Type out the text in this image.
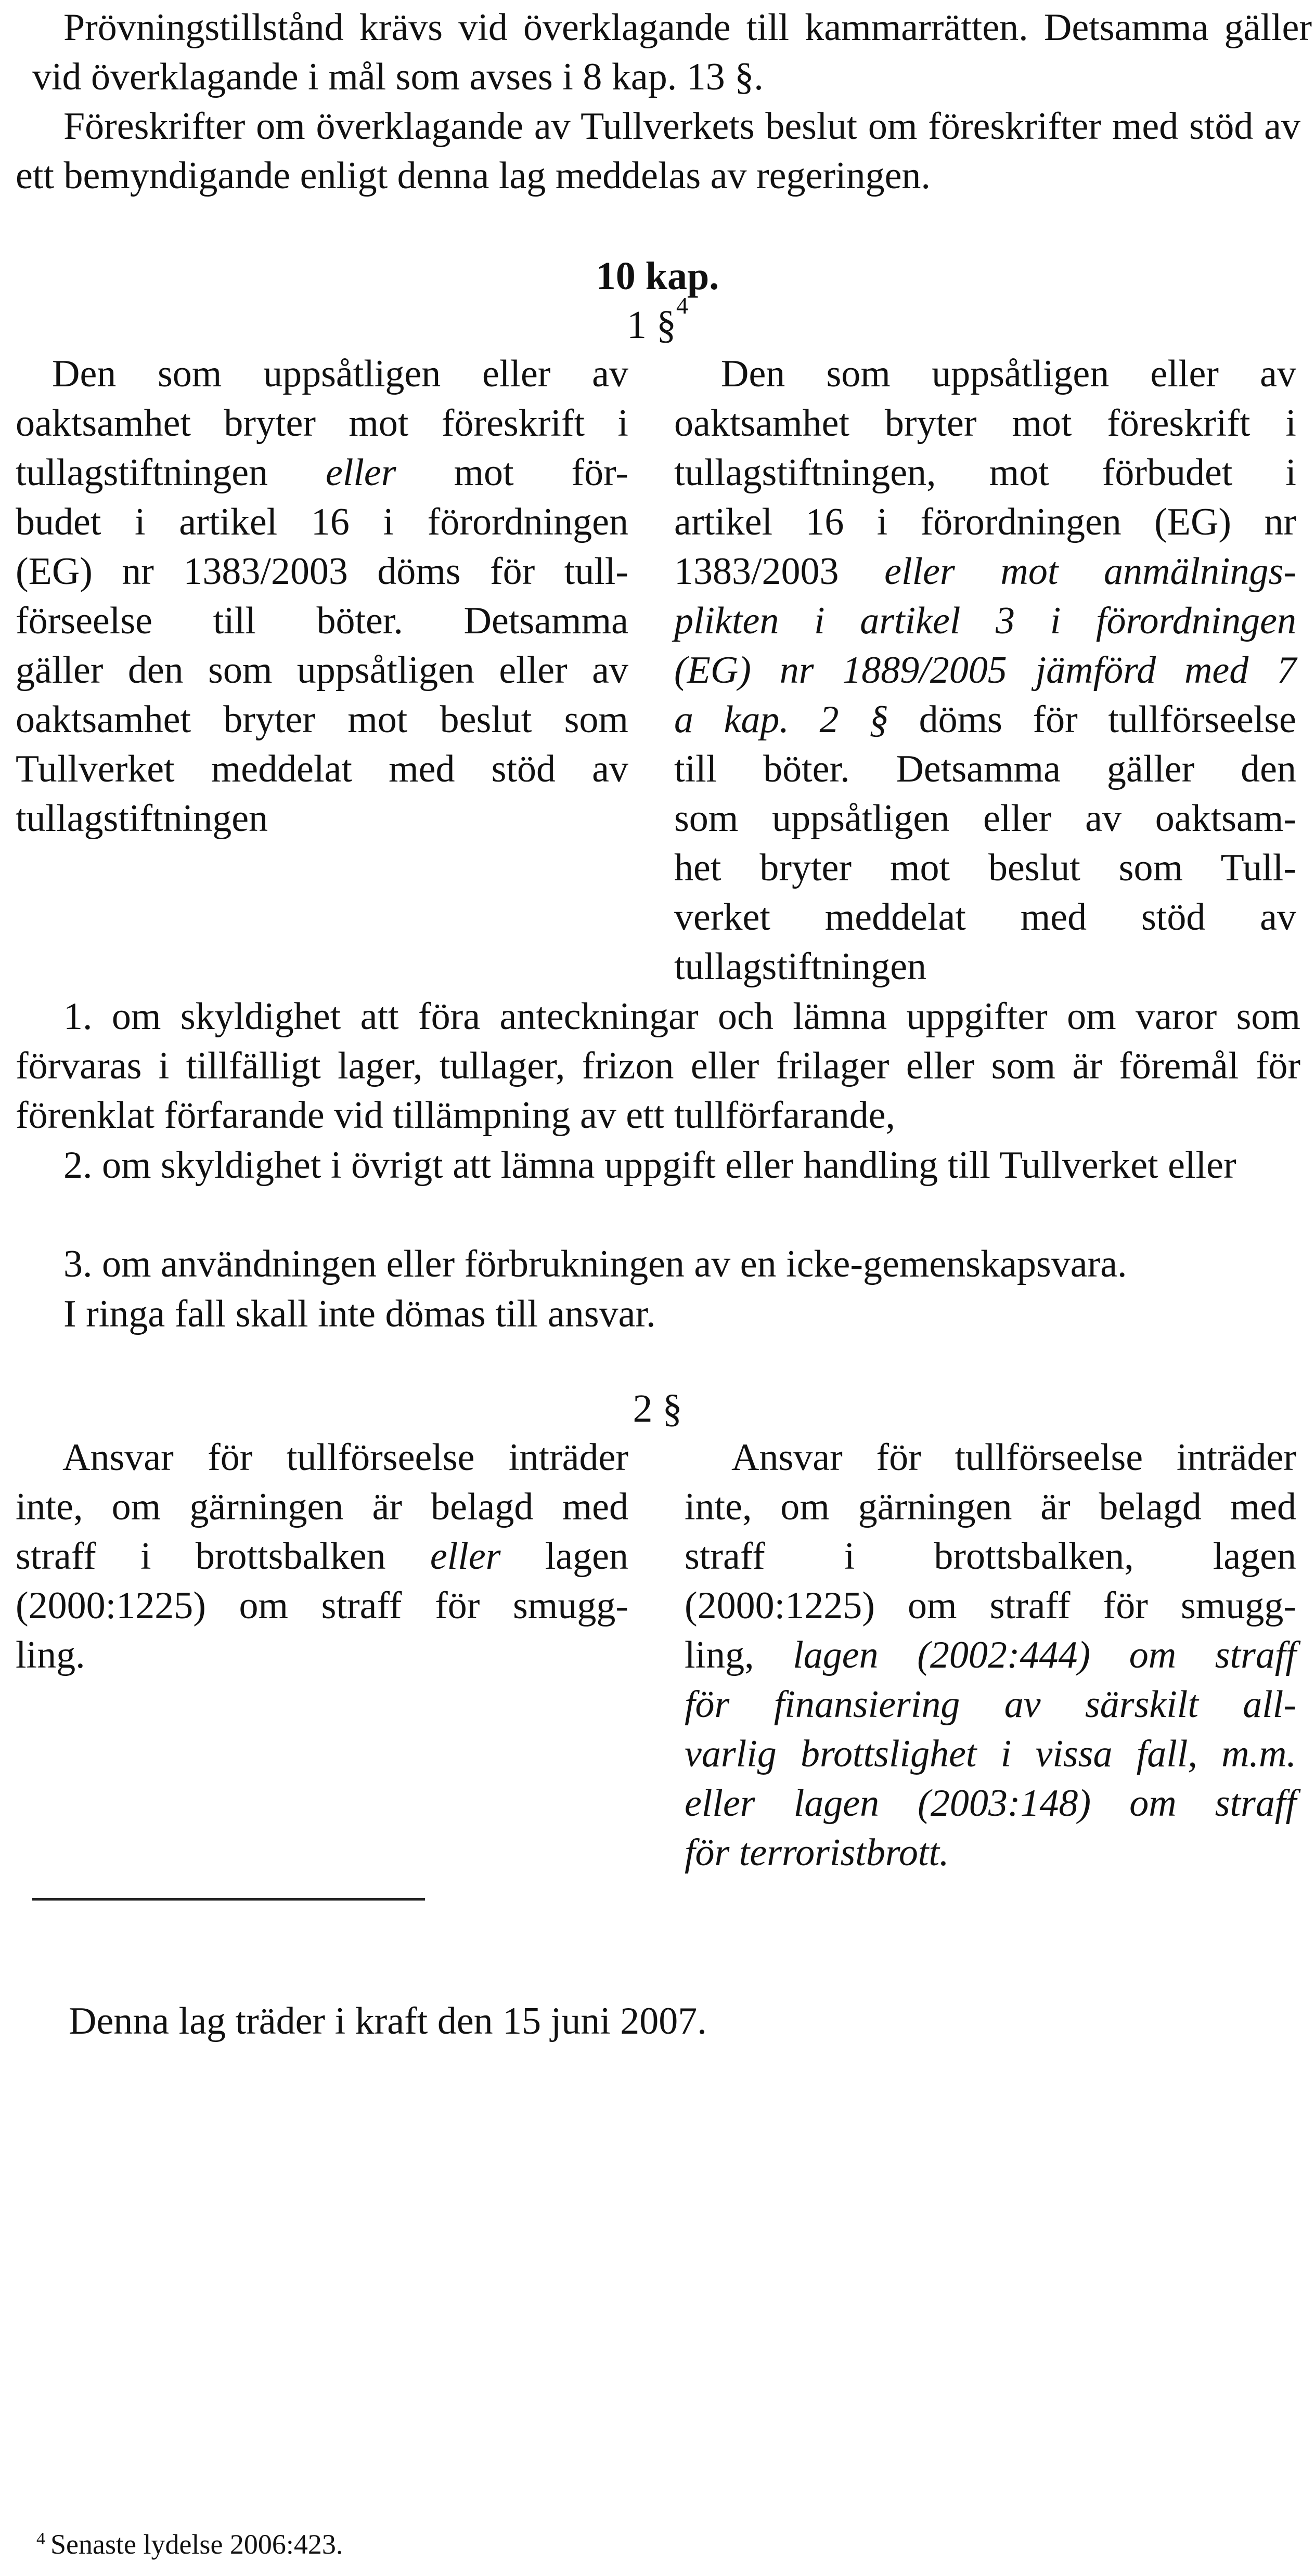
Prövningstillstånd krävs vid överklagande till kammarrätten. Detsamma gäller vid överklagande i mål som avses i 8 kap. 13 §.

Föreskrifter om överklagande av Tullverkets beslut om föreskrifter med stöd av ett bemyndigande enligt denna lag meddelas av regeringen.

10 kap.
1 §$^4$
Den som uppsåtligen eller av
oaktsamhet bryter mot föreskrift i
tullagstiftningen eller mot för-
budet i artikel 16 i förordningen
(EG) nr 1383/2003 döms för tull-
förseelse till böter. Detsamma
gäller den som uppsåtligen eller av
oaktsamhet bryter mot beslut som
Tullverket meddelat med stöd av
tullagstiftningen
Den som uppsåtligen eller av
oaktsamhet bryter mot föreskrift i
tullagstiftningen, mot förbudet i
artikel 16 i förordningen (EG) nr
1383/2003 eller mot anmälnings-
plikten i artikel 3 i förordningen
(EG) nr 1889/2005 jämförd med 7
a kap. 2 § döms för tullförseelse
till böter. Detsamma gäller den
som uppsåtligen eller av oaktsam-
het bryter mot beslut som Tull-
verket meddelat med stöd av
tullagstiftningen

1. om skyldighet att föra anteckningar och lämna uppgifter om varor som förvaras i tillfälligt lager, tullager, frizon eller frilager eller som är föremål för förenklat förfarande vid tillämpning av ett tullförfarande,

2. om skyldighet i övrigt att lämna uppgift eller handling till Tullverket eller

3. om användningen eller förbrukningen av en icke-gemenskapsvara.

I ringa fall skall inte dömas till ansvar.

2 §
Ansvar för tullförseelse inträder
inte, om gärningen är belagd med
straff i brottsbalken eller lagen
(2000:1225) om straff för smugg-
ling.
Ansvar för tullförseelse inträder
inte, om gärningen är belagd med
straff i brottsbalken, lagen
(2000:1225) om straff för smugg-
ling, lagen (2002:444) om straff
för finansiering av särskilt all-
varlig brottslighet i vissa fall, m.m.
eller lagen (2003:148) om straff
för terroristbrott.

Denna lag träder i kraft den 15 juni 2007.

$^4$ Senaste lydelse 2006:423.
